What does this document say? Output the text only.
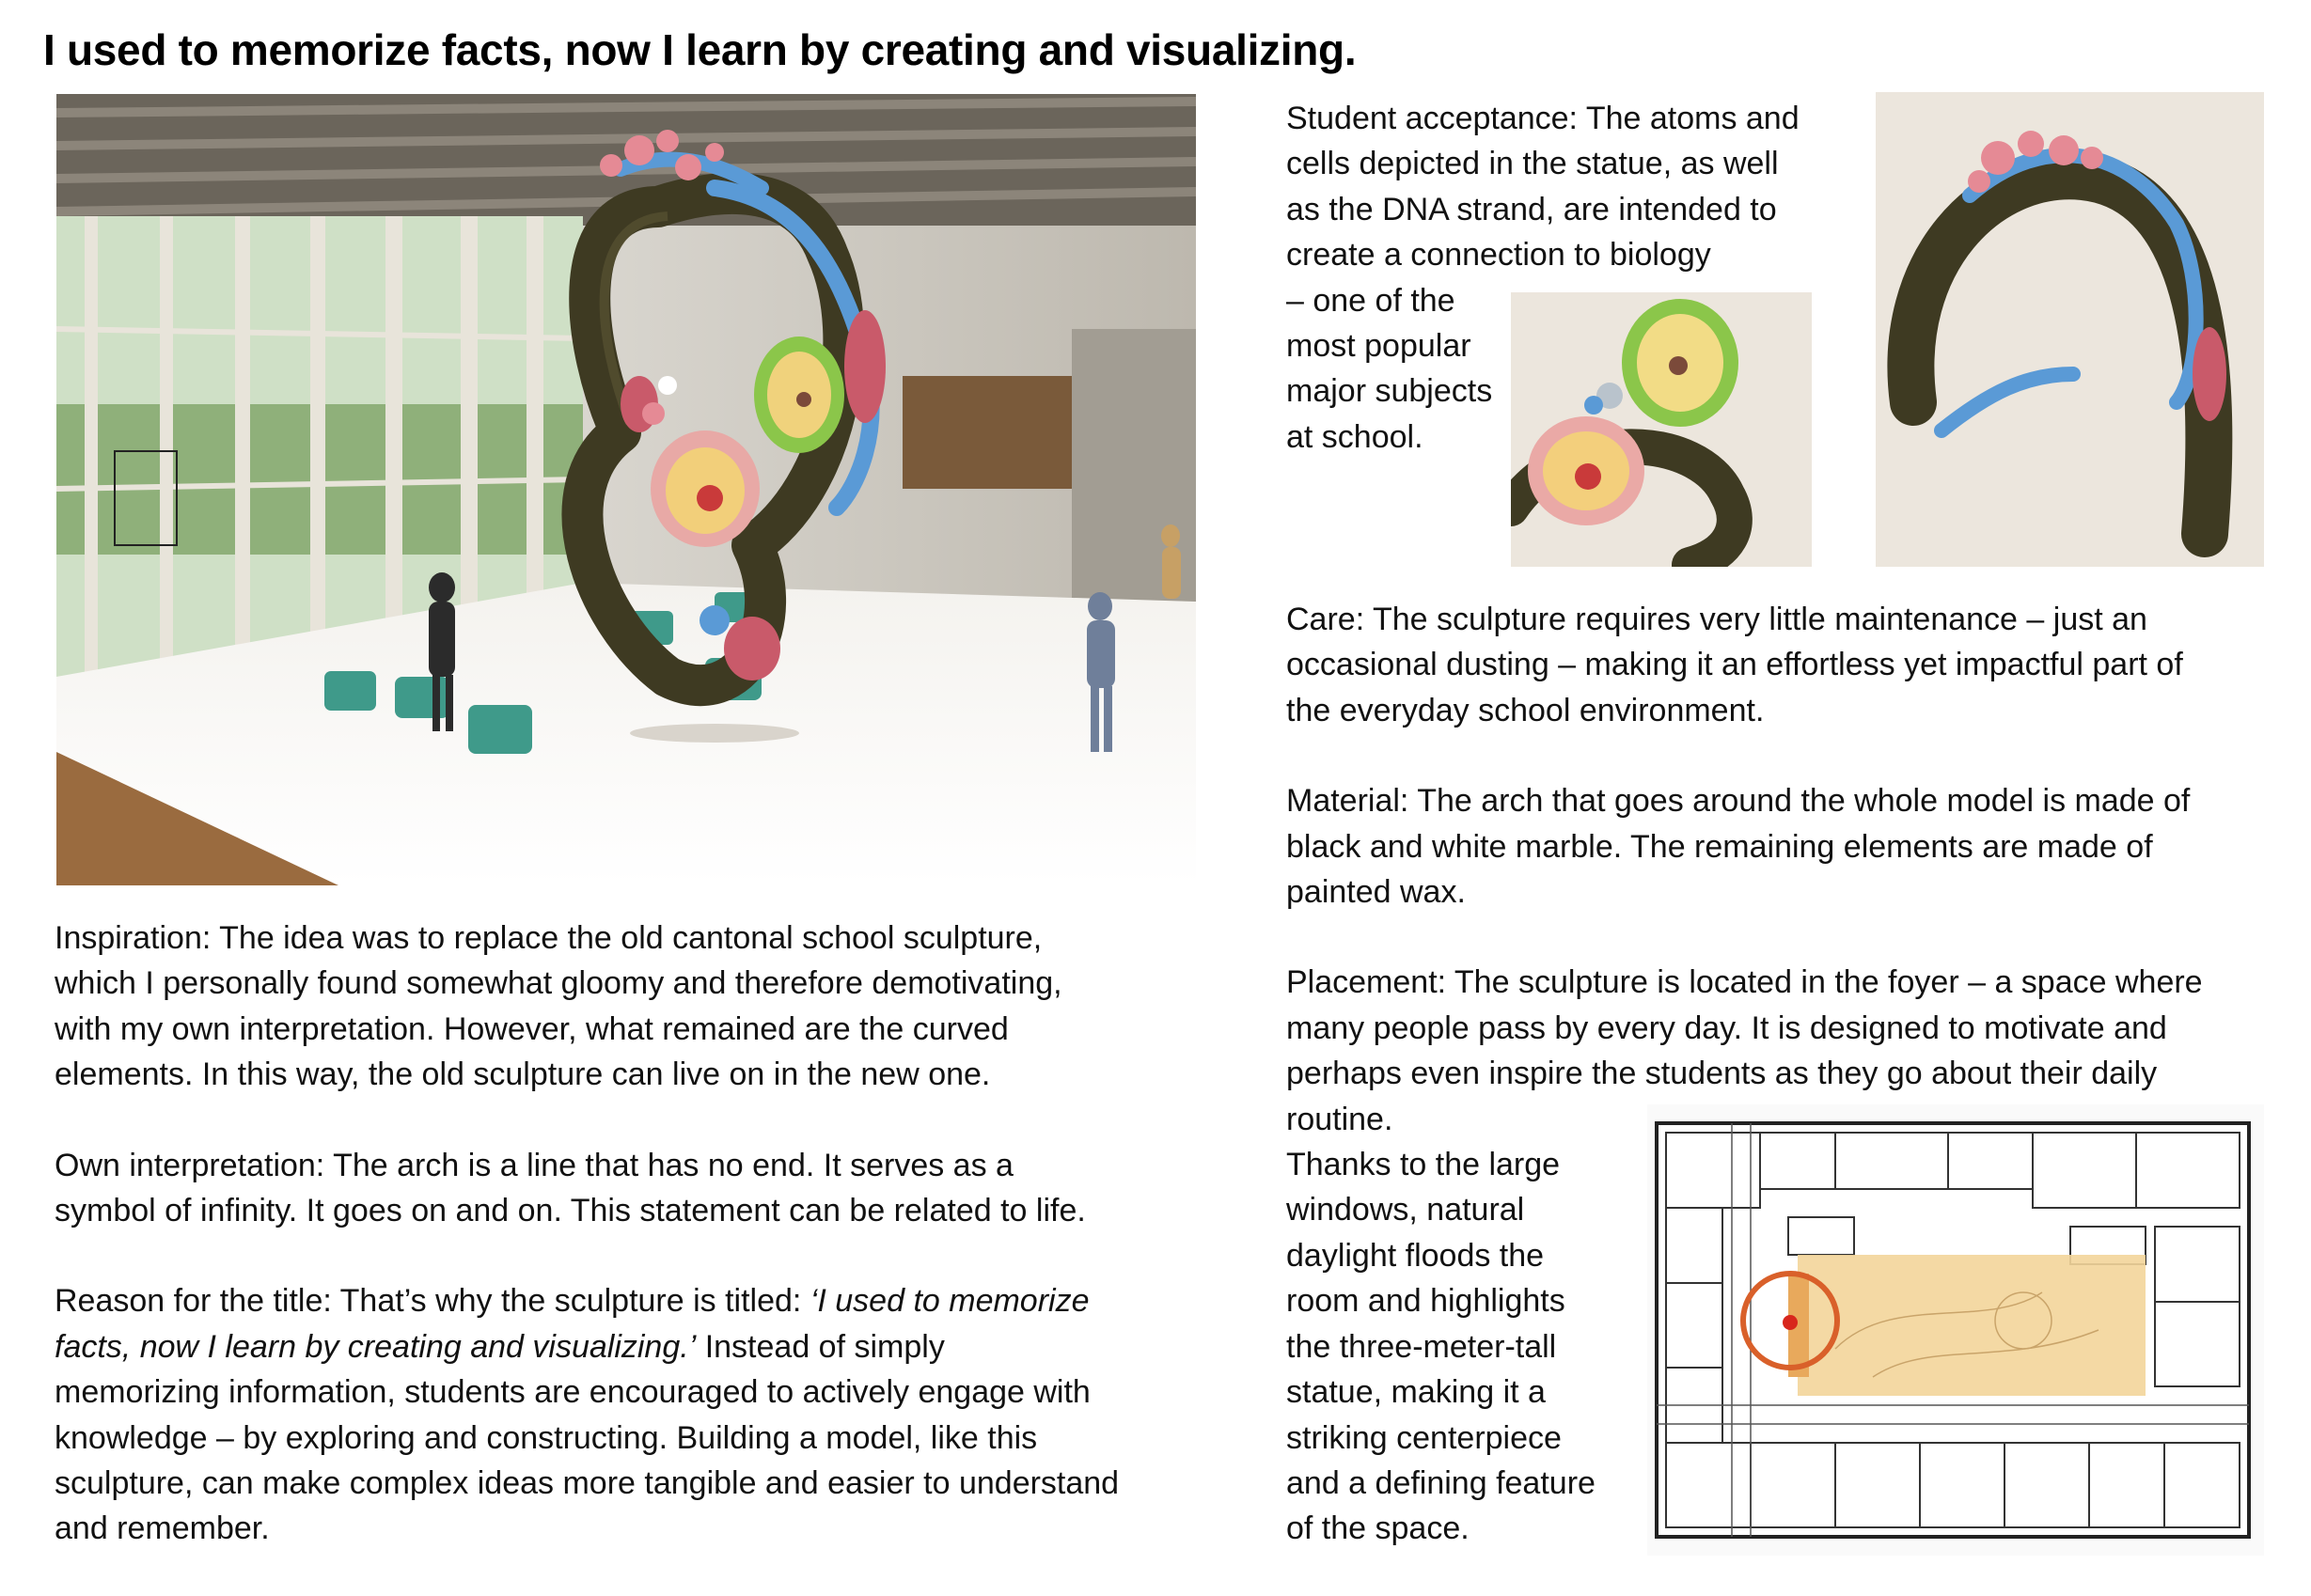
I used to memorize facts, now I learn by creating and visualizing.
Student acceptance: The atoms and
cells depicted in the statue, as well
as the DNA strand, are intended to
create a connection to biology
– one of the
most popular
major subjects
at school.
Care: The sculpture requires very little maintenance – just an
occasional dusting – making it an effortless yet impactful part of
the everyday school environment.
Material: The arch that goes around the whole model is made of
black and white marble. The remaining elements are made of
painted wax.
Placement: The sculpture is located in the foyer – a space where
many people pass by every day. It is designed to motivate and
perhaps even inspire the students as they go about their daily
routine.
Thanks to the large
windows, natural
daylight floods the
room and highlights
the three-meter-tall
statue, making it a
striking centerpiece
and a defining feature
of the space.
Inspiration: The idea was to replace the old cantonal school sculpture,
which I personally found somewhat gloomy and therefore demotivating,
with my own interpretation. However, what remained are the curved
elements. In this way, the old sculpture can live on in the new one.
Own interpretation: The arch is a line that has no end. It serves as a
symbol of infinity. It goes on and on. This statement can be related to life.
Reason for the title: That’s why the sculpture is titled: ‘I used to memorize
facts, now I learn by creating and visualizing.’ Instead of simply
memorizing information, students are encouraged to actively engage with
knowledge – by exploring and constructing. Building a model, like this
sculpture, can make complex ideas more tangible and easier to understand
and remember.
